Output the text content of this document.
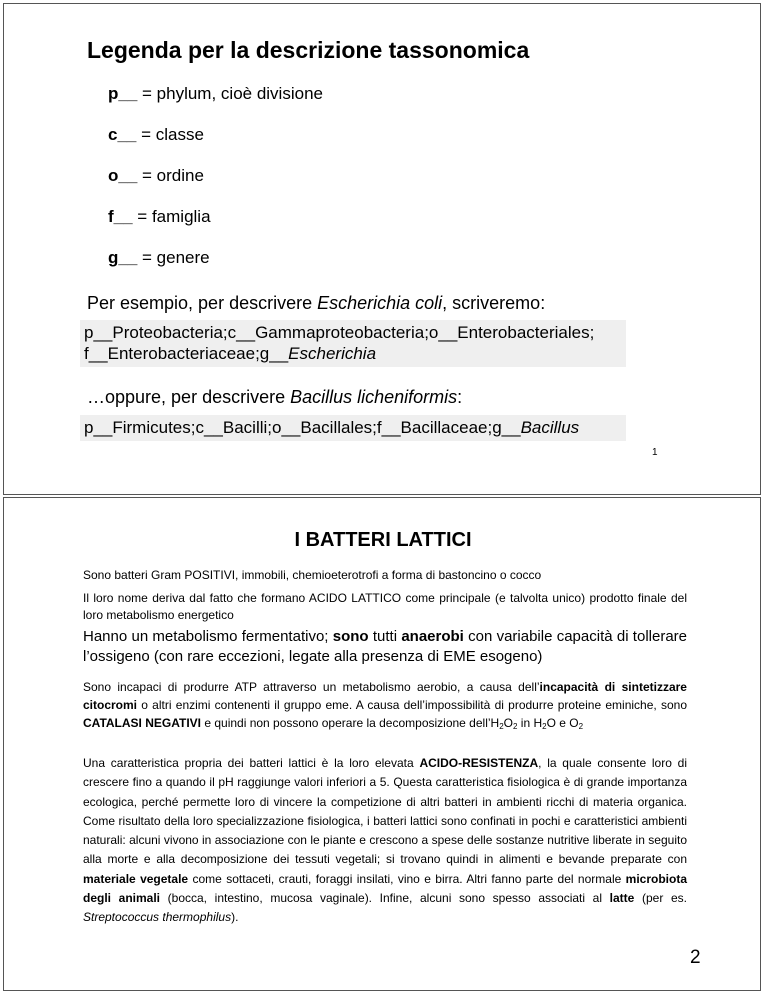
Legenda per la descrizione tassonomica
p__ = phylum, cioè divisione
c__ = classe
o__ = ordine
f__ = famiglia
g__ = genere
Per esempio, per descrivere Escherichia coli, scriveremo:
p__Proteobacteria;c__Gammaproteobacteria;o__Enterobacteriales;
f__Enterobacteriaceae;g__Escherichia
…oppure, per descrivere Bacillus licheniformis:
p__Firmicutes;c__Bacilli;o__Bacillales;f__Bacillaceae;g__Bacillus
1
I BATTERI LATTICI
Sono batteri Gram POSITIVI, immobili, chemioeterotrofi a forma di bastoncino o cocco
Il loro nome deriva dal fatto che formano ACIDO LATTICO come principale (e talvolta unico) prodotto finale del loro metabolismo energetico
Hanno un metabolismo fermentativo; sono tutti anaerobi con variabile capacità di tollerare l’ossigeno (con rare eccezioni, legate alla presenza di EME esogeno)
Sono incapaci di produrre ATP attraverso un metabolismo aerobio, a causa dell’incapacità di sintetizzare citocromi o altri enzimi contenenti il gruppo eme. A causa dell’impossibilità di produrre proteine eminiche, sono CATALASI NEGATIVI e quindi non possono operare la decomposizione $dell’H_2O_2$ in $H_2O$ e $O_2$
Una caratteristica propria dei batteri lattici è la loro elevata ACIDO-RESISTENZA, la quale consente loro di crescere fino a quando il pH raggiunge valori inferiori a 5. Questa caratteristica fisiologica è di grande importanza ecologica, perché permette loro di vincere la competizione di altri batteri in ambienti ricchi di materia organica. Come risultato della loro specializzazione fisiologica, i batteri lattici sono confinati in pochi e caratteristici ambienti naturali: alcuni vivono in associazione con le piante e crescono a spese delle sostanze nutritive liberate in seguito alla morte e alla decomposizione dei tessuti vegetali; si trovano quindi in alimenti e bevande preparate con materiale vegetale come sottaceti, crauti, foraggi insilati, vino e birra. Altri fanno parte del normale microbiota degli animali (bocca, intestino, mucosa vaginale). Infine, alcuni sono spesso associati al latte (per es. Streptococcus thermophilus).
2
